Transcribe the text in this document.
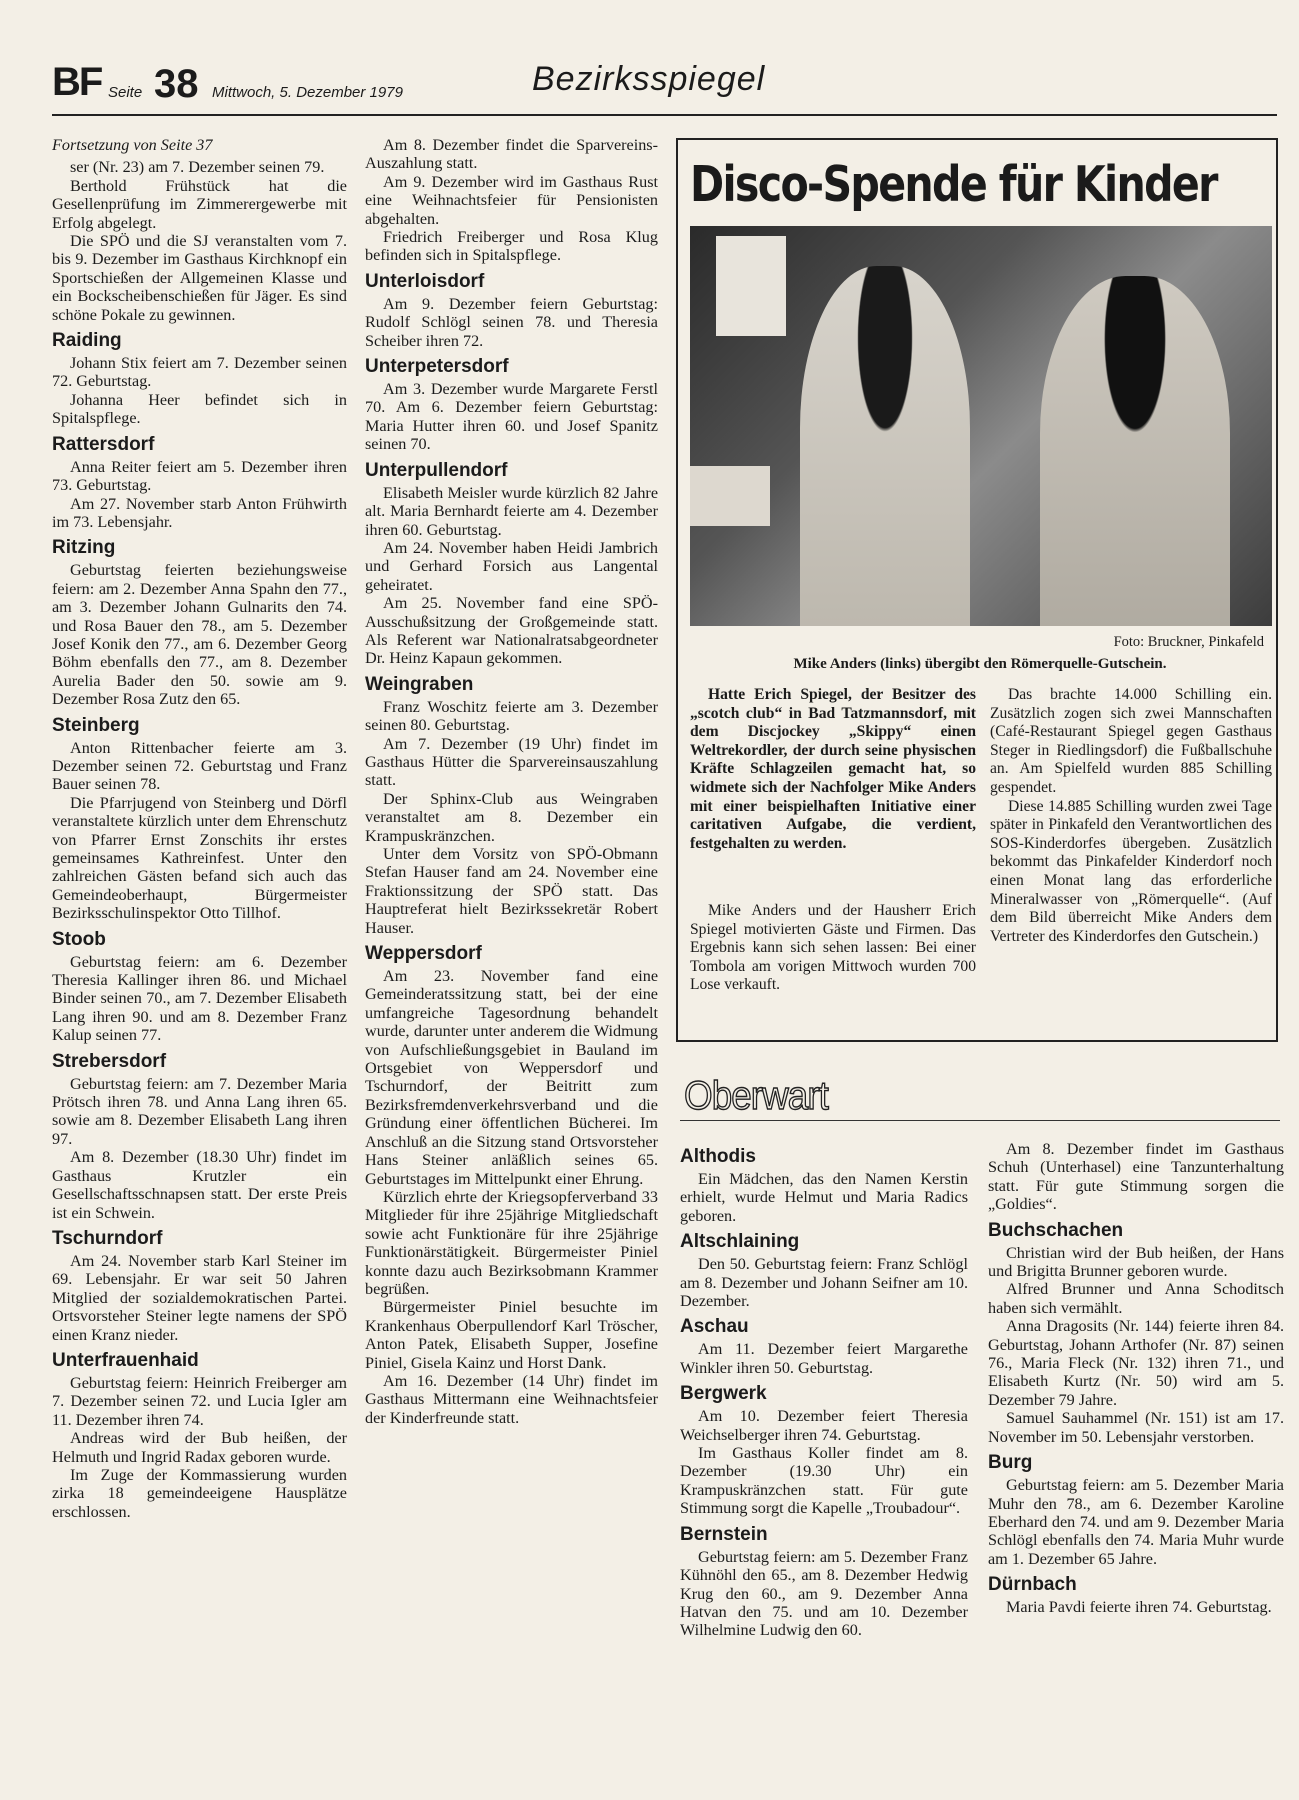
BF Seite 38 Mittwoch, 5. Dezember 1979	Bezirksspiegel

Fortsetzung von Seite 37

ser (Nr. 23) am 7. Dezember seinen 79.

Berthold Frühstück hat die Gesellenprüfung im Zimmerergewerbe mit Erfolg abgelegt.

Die SPÖ und die SJ veranstalten vom 7. bis 9. Dezember im Gasthaus Kirchknopf ein Sportschießen der Allgemeinen Klasse und ein Bockscheibenschießen für Jäger. Es sind schöne Pokale zu gewinnen.

Raiding

Johann Stix feiert am 7. Dezember seinen 72. Geburtstag.

Johanna Heer befindet sich in Spitalspflege.

Rattersdorf

Anna Reiter feiert am 5. Dezember ihren 73. Geburtstag.

Am 27. November starb Anton Frühwirth im 73. Lebensjahr.

Ritzing

Geburtstag feierten beziehungsweise feiern: am 2. Dezember Anna Spahn den 77., am 3. Dezember Johann Gulnarits den 74. und Rosa Bauer den 78., am 5. Dezember Josef Konik den 77., am 6. Dezember Georg Böhm ebenfalls den 77., am 8. Dezember Aurelia Bader den 50. sowie am 9. Dezember Rosa Zutz den 65.

Steinberg

Anton Rittenbacher feierte am 3. Dezember seinen 72. Geburtstag und Franz Bauer seinen 78.

Die Pfarrjugend von Steinberg und Dörfl veranstaltete kürzlich unter dem Ehrenschutz von Pfarrer Ernst Zonschits ihr erstes gemeinsames Kathreinfest. Unter den zahlreichen Gästen befand sich auch das Gemeindeoberhaupt, Bürgermeister Bezirksschulinspektor Otto Tillhof.

Stoob

Geburtstag feiern: am 6. Dezember Theresia Kallinger ihren 86. und Michael Binder seinen 70., am 7. Dezember Elisabeth Lang ihren 90. und am 8. Dezember Franz Kalup seinen 77.

Strebersdorf

Geburtstag feiern: am 7. Dezember Maria Prötsch ihren 78. und Anna Lang ihren 65. sowie am 8. Dezember Elisabeth Lang ihren 97.

Am 8. Dezember (18.30 Uhr) findet im Gasthaus Krutzler ein Gesellschaftsschnapsen statt. Der erste Preis ist ein Schwein.

Tschurndorf

Am 24. November starb Karl Steiner im 69. Lebensjahr. Er war seit 50 Jahren Mitglied der sozialdemokratischen Partei. Ortsvorsteher Steiner legte namens der SPÖ einen Kranz nieder.

Unterfrauenhaid

Geburtstag feiern: Heinrich Freiberger am 7. Dezember seinen 72. und Lucia Igler am 11. Dezember ihren 74.

Andreas wird der Bub heißen, der Helmuth und Ingrid Radax geboren wurde.

Im Zuge der Kommassierung wurden zirka 18 gemeindeeigene Hausplätze erschlossen.

Am 8. Dezember findet die Sparvereins-Auszahlung statt.

Am 9. Dezember wird im Gasthaus Rust eine Weihnachtsfeier für Pensionisten abgehalten.

Friedrich Freiberger und Rosa Klug befinden sich in Spitalspflege.

Unterloisdorf

Am 9. Dezember feiern Geburtstag: Rudolf Schlögl seinen 78. und Theresia Scheiber ihren 72.

Unterpetersdorf

Am 3. Dezember wurde Margarete Ferstl 70. Am 6. Dezember feiern Geburtstag: Maria Hutter ihren 60. und Josef Spanitz seinen 70.

Unterpullendorf

Elisabeth Meisler wurde kürzlich 82 Jahre alt. Maria Bernhardt feierte am 4. Dezember ihren 60. Geburtstag.

Am 24. November haben Heidi Jambrich und Gerhard Forsich aus Langental geheiratet.

Am 25. November fand eine SPÖ-Ausschußsitzung der Großgemeinde statt. Als Referent war Nationalratsabgeordneter Dr. Heinz Kapaun gekommen.

Weingraben

Franz Woschitz feierte am 3. Dezember seinen 80. Geburtstag.

Am 7. Dezember (19 Uhr) findet im Gasthaus Hütter die Sparvereinsauszahlung statt.

Der Sphinx-Club aus Weingraben veranstaltet am 8. Dezember ein Krampuskränzchen.

Unter dem Vorsitz von SPÖ-Obmann Stefan Hauser fand am 24. November eine Fraktionssitzung der SPÖ statt. Das Hauptreferat hielt Bezirkssekretär Robert Hauser.

Weppersdorf

Am 23. November fand eine Gemeinderatssitzung statt, bei der eine umfangreiche Tagesordnung behandelt wurde, darunter unter anderem die Widmung von Aufschließungsgebiet in Bauland im Ortsgebiet von Weppersdorf und Tschurndorf, der Beitritt zum Bezirksfremdenverkehrsverband und die Gründung einer öffentlichen Bücherei. Im Anschluß an die Sitzung stand Ortsvorsteher Hans Steiner anläßlich seines 65. Geburtstages im Mittelpunkt einer Ehrung.

Kürzlich ehrte der Kriegsopferverband 33 Mitglieder für ihre 25jährige Mitgliedschaft sowie acht Funktionäre für ihre 25jährige Funktionärstätigkeit. Bürgermeister Piniel konnte dazu auch Bezirksobmann Krammer begrüßen.

Bürgermeister Piniel besuchte im Krankenhaus Oberpullendorf Karl Tröscher, Anton Patek, Elisabeth Supper, Josefine Piniel, Gisela Kainz und Horst Dank.

Am 16. Dezember (14 Uhr) findet im Gasthaus Mittermann eine Weihnachtsfeier der Kinderfreunde statt.

Disco-Spende für Kinder
Foto: Bruckner, Pinkafeld
Mike Anders (links) übergibt den Römerquelle-Gutschein.

Hatte Erich Spiegel, der Besitzer des „scotch club“ in Bad Tatzmannsdorf, mit dem Discjockey „Skippy“ einen Weltrekordler, der durch seine physischen Kräfte Schlagzeilen gemacht hat, so widmete sich der Nachfolger Mike Anders mit einer beispielhaften Initiative einer caritativen Aufgabe, die verdient, festgehalten zu werden.

Mike Anders und der Hausherr Erich Spiegel motivierten Gäste und Firmen. Das Ergebnis kann sich sehen lassen: Bei einer Tombola am vorigen Mittwoch wurden 700 Lose verkauft.

Das brachte 14.000 Schilling ein. Zusätzlich zogen sich zwei Mannschaften (Café-Restaurant Spiegel gegen Gasthaus Steger in Riedlingsdorf) die Fußballschuhe an. Am Spielfeld wurden 885 Schilling gespendet.

Diese 14.885 Schilling wurden zwei Tage später in Pinkafeld den Verantwortlichen des SOS-Kinderdorfes übergeben. Zusätzlich bekommt das Pinkafelder Kinderdorf noch einen Monat lang das erforderliche Mineralwasser von „Römerquelle“. (Auf dem Bild überreicht Mike Anders dem Vertreter des Kinderdorfes den Gutschein.)

Oberwart
Althodis

Ein Mädchen, das den Namen Kerstin erhielt, wurde Helmut und Maria Radics geboren.

Altschlaining

Den 50. Geburtstag feiern: Franz Schlögl am 8. Dezember und Johann Seifner am 10. Dezember.

Aschau

Am 11. Dezember feiert Margarethe Winkler ihren 50. Geburtstag.

Bergwerk

Am 10. Dezember feiert Theresia Weichselberger ihren 74. Geburtstag.

Im Gasthaus Koller findet am 8. Dezember (19.30 Uhr) ein Krampuskränzchen statt. Für gute Stimmung sorgt die Kapelle „Troubadour“.

Bernstein

Geburtstag feiern: am 5. Dezember Franz Kühnöhl den 65., am 8. Dezember Hedwig Krug den 60., am 9. Dezember Anna Hatvan den 75. und am 10. Dezember Wilhelmine Ludwig den 60.

Am 8. Dezember findet im Gasthaus Schuh (Unterhasel) eine Tanzunterhaltung statt. Für gute Stimmung sorgen die „Goldies“.

Buchschachen

Christian wird der Bub heißen, der Hans und Brigitta Brunner geboren wurde.

Alfred Brunner und Anna Schoditsch haben sich vermählt.

Anna Dragosits (Nr. 144) feierte ihren 84. Geburtstag, Johann Arthofer (Nr. 87) seinen 76., Maria Fleck (Nr. 132) ihren 71., und Elisabeth Kurtz (Nr. 50) wird am 5. Dezember 79 Jahre.

Samuel Sauhammel (Nr. 151) ist am 17. November im 50. Lebensjahr verstorben.

Burg

Geburtstag feiern: am 5. Dezember Maria Muhr den 78., am 6. Dezember Karoline Eberhard den 74. und am 9. Dezember Maria Schlögl ebenfalls den 74. Maria Muhr wurde am 1. Dezember 65 Jahre.

Dürnbach

Maria Pavdi feierte ihren 74. Geburtstag.
